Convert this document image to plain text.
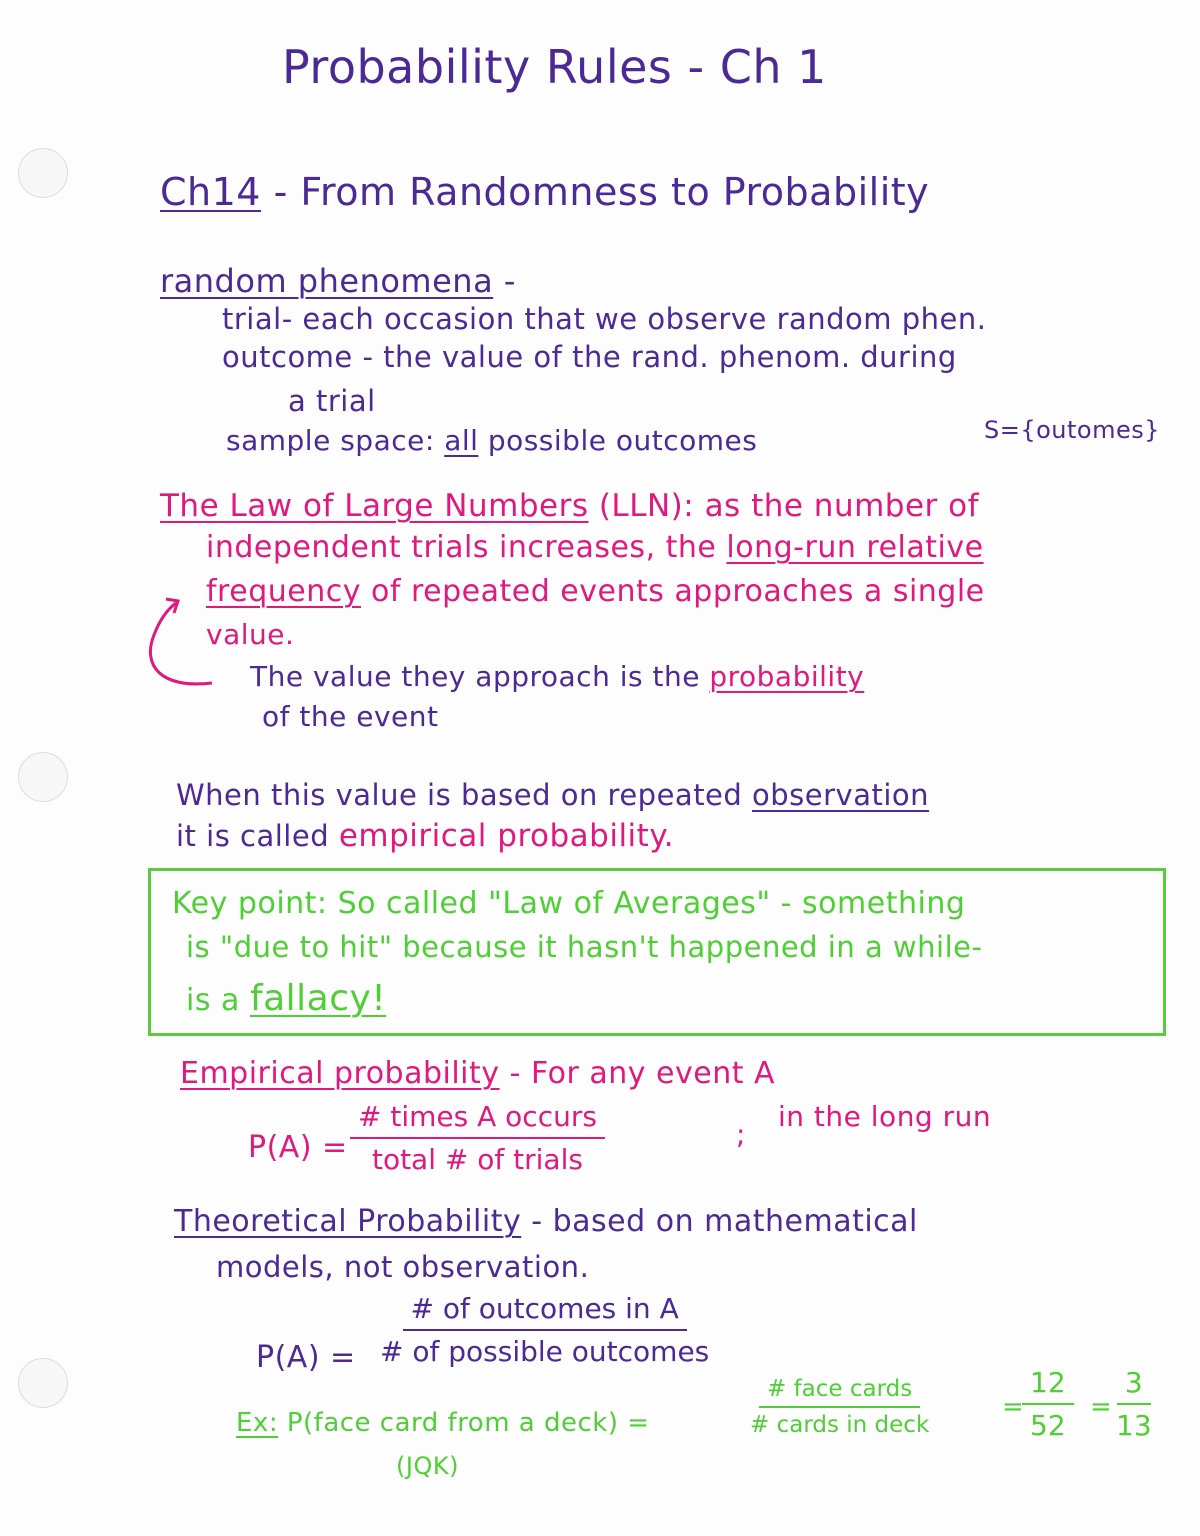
Probability Rules - Ch 1
Ch14 - From Randomness to Probability
random phenomena -
trial- each occasion that we observe random phen.
outcome - the value of the rand. phenom. during
a trial
sample space: all possible outcomes	S={outomes}
The Law of Large Numbers (LLN): as the number of
independent trials increases, the long-run relative
frequency of repeated events approaches a single
value.
The value they approach is the probability
of the event
When this value is based on repeated observation
it is called empirical probability.
Key point: So called "Law of Averages" - something
is "due to hit" because it hasn't happened in a while-
is a fallacy!
Empirical probability - For any event A
P(A) =
# times A occurs
total # of trials
;
in the long run
Theoretical Probability - based on mathematical
models, not observation.
P(A) =
# of outcomes in A
# of possible outcomes
Ex: P(face card from a deck) =
(JQK)
# face cards
# cards in deck
=
$\frac{12}{52}$ =
$\frac{3}{13}$
